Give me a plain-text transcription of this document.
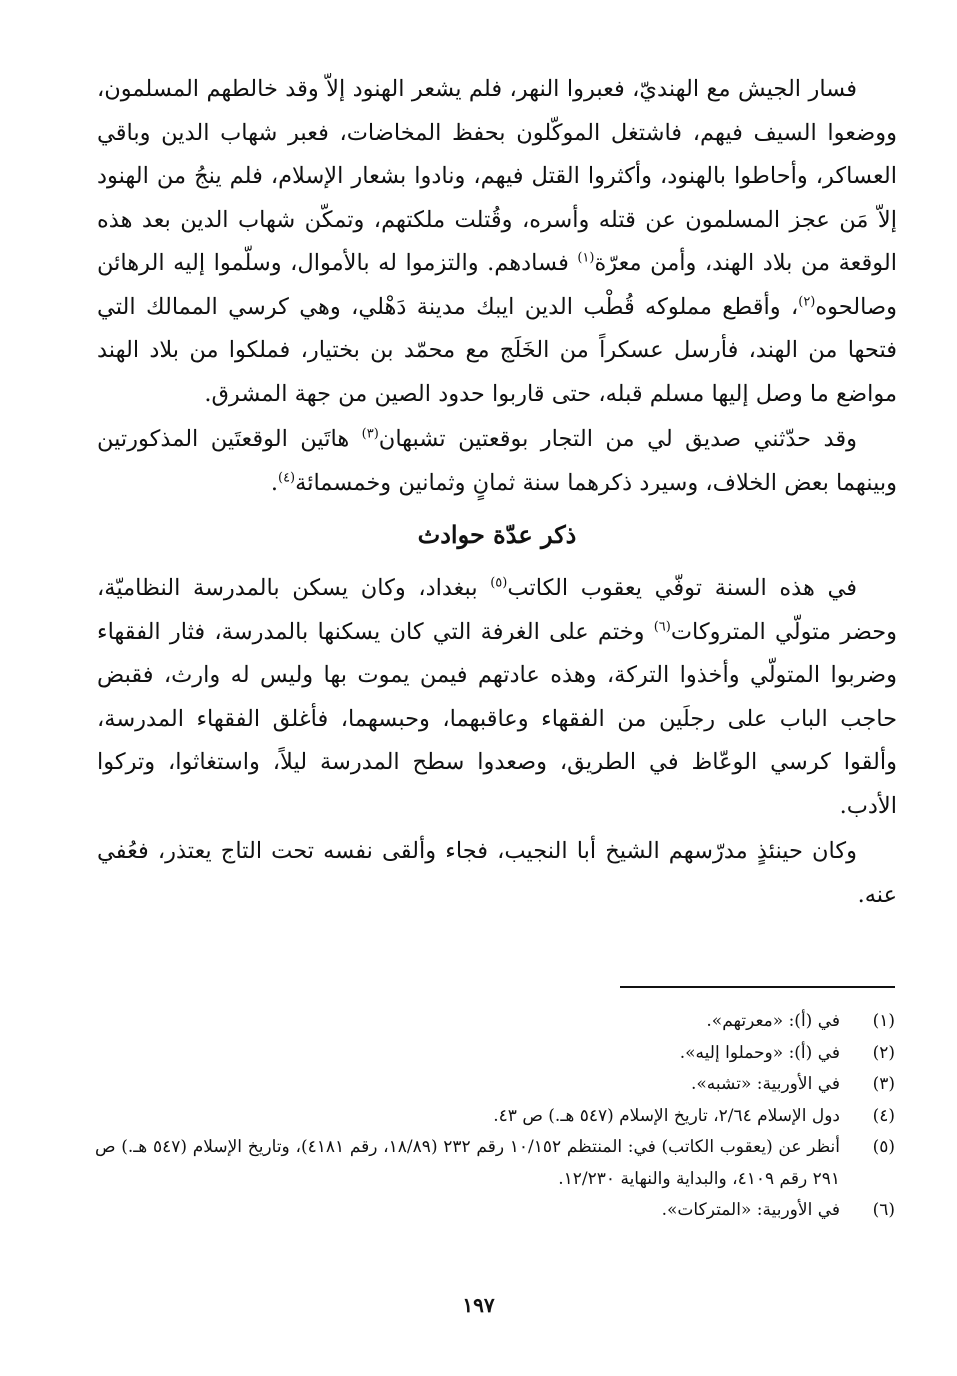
فسار الجيش مع الهنديّ، فعبروا النهر، فلم يشعر الهنود إلاّ وقد خالطهم المسلمون، ووضعوا السيف فيهم، فاشتغل الموكّلون بحفظ المخاضات، فعبر شهاب الدين وباقي العساكر، وأحاطوا بالهنود، وأكثروا القتل فيهم، ونادوا بشعار الإسلام، فلم ينجُ من الهنود إلاّ مَن عجز المسلمون عن قتله وأسره، وقُتلت ملكتهم، وتمكّن شهاب الدين بعد هذه الوقعة من بلاد الهند، وأمن معرّة$^{(١)}$ فسادهم. والتزموا له بالأموال، وسلّموا إليه الرهائن وصالحوه$^{(٢)}$، وأقطع مملوكه قُطْب الدين ايبك مدينة دَهْلي، وهي كرسي الممالك التي فتحها من الهند، فأرسل عسكراً من الخَلَج مع محمّد بن بختيار، فملكوا من بلاد الهند مواضع ما وصل إليها مسلم قبله، حتى قاربوا حدود الصين من جهة المشرق.

وقد حدّثني صديق لي من التجار بوقعتين تشبهان$^{(٣)}$ هاتَين الوقعتَين المذكورتين وبينهما بعض الخلاف، وسيرد ذكرهما سنة ثمانٍ وثمانين وخمسمائة$^{(٤)}$.

ذكر عدّة حوادث

في هذه السنة توفّي يعقوب الكاتب$^{(٥)}$ ببغداد، وكان يسكن بالمدرسة النظاميّة، وحضر متولّي المتروكات$^{(٦)}$ وختم على الغرفة التي كان يسكنها بالمدرسة، فثار الفقهاء وضربوا المتولّي وأخذوا التركة، وهذه عادتهم فيمن يموت بها وليس له وارث، فقبض حاجب الباب على رجلَين من الفقهاء وعاقبهما، وحبسهما، فأغلق الفقهاء المدرسة، وألقوا كرسي الوعّاظ في الطريق، وصعدوا سطح المدرسة ليلاً، واستغاثوا، وتركوا الأدب.

وكان حينئذٍ مدرّسهم الشيخ أبا النجيب، فجاء وألقى نفسه تحت التاج يعتذر، فعُفي عنه.

(١)
في (أ): «معرتهم».
(٢)
في (أ): «وحملوا إليه».
(٣)
في الأوربية: «تشبه».
(٤)
دول الإسلام ٢/٦٤، تاريخ الإسلام (٥٤٧ هـ.) ص ٤٣.
(٥)
أنظر عن (يعقوب الكاتب) في: المنتظم ١٠/١٥٢ رقم ٢٣٢ (١٨/٨٩، رقم ٤١٨١)، وتاريخ الإسلام (٥٤٧ هـ.) ص ٢٩١ رقم ٤١٠٩، والبداية والنهاية ١٢/٢٣٠.
(٦)
في الأوربية: «المتركات».
١٩٧
